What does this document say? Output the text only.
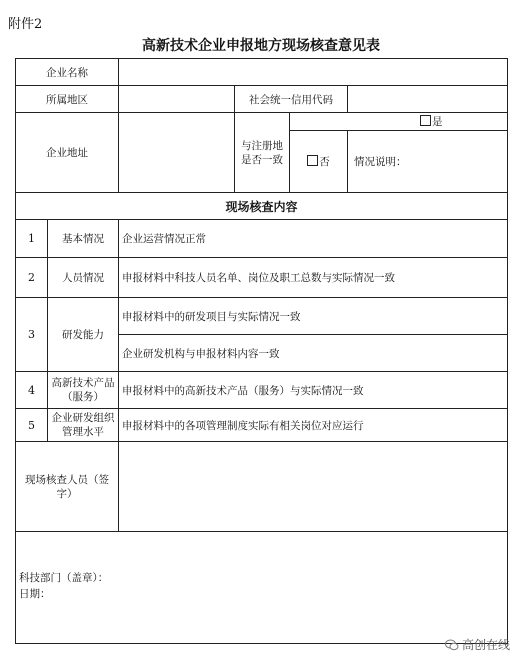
附件2
高新技术企业申报地方现场核查意见表
企业名称					
所属地区			社会统一信用代码		
企业地址			与注册地是否一致	是	
				否	情况说明：
现场核查内容					
1	基本情况	企业运营情况正常			
2	人员情况	申报材料中科技人员名单、岗位及职工总数与实际情况一致			
3	研发能力	申报材料中的研发项目与实际情况一致			
		企业研发机构与申报材料内容一致			
4	高新技术产品（服务）	申报材料中的高新技术产品（服务）与实际情况一致			
5	企业研发组织管理水平	申报材料中的各项管理制度实际有相关岗位对应运行			
现场核查人员（签字）					

科技部门（盖章）：
日期：					
高创在线
